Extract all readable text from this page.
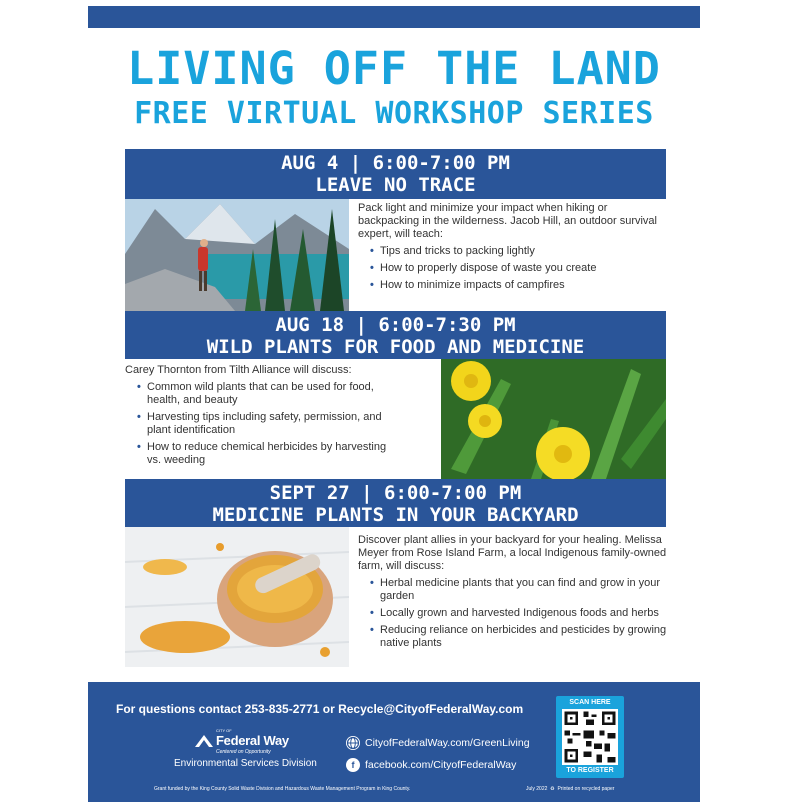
LIVING OFF THE LAND
FREE VIRTUAL WORKSHOP SERIES
AUG 4 | 6:00-7:00 PM
LEAVE NO TRACE

Pack light and minimize your impact when hiking or backpacking in the wilderness. Jacob Hill, an outdoor survival expert, will teach:

• Tips and tricks to packing lightly
• How to properly dispose of waste you create
• How to minimize impacts of campfires
AUG 18 | 6:00-7:30 PM
WILD PLANTS FOR FOOD AND MEDICINE

Carey Thornton from Tilth Alliance will discuss:

• Common wild plants that can be used for food, health, and beauty
• Harvesting tips including safety, permission, and plant identification
• How to reduce chemical herbicides by harvesting vs. weeding
SEPT 27 | 6:00-7:00 PM
MEDICINE PLANTS IN YOUR BACKYARD

Discover plant allies in your backyard for your healing. Melissa Meyer from Rose Island Farm, a local Indigenous family-owned farm, will discuss:

• Herbal medicine plants that you can find and grow in your garden
• Locally grown and harvested Indigenous foods and herbs
• Reducing reliance on herbicides and pesticides by growing native plants
For questions contact 253-835-2771 or Recycle@CityofFederalWay.com
CITY OF
Federal Way
Centered on Opportunity
Environmental Services Division
CityofFederalWay.com/GreenLiving
f	facebook.com/CityofFederalWay
SCAN HERE
TO REGISTER
Grant funded by the King County Solid Waste Division and Hazardous Waste Management Program in King County.	July 2022  ♻  Printed on recycled paper
